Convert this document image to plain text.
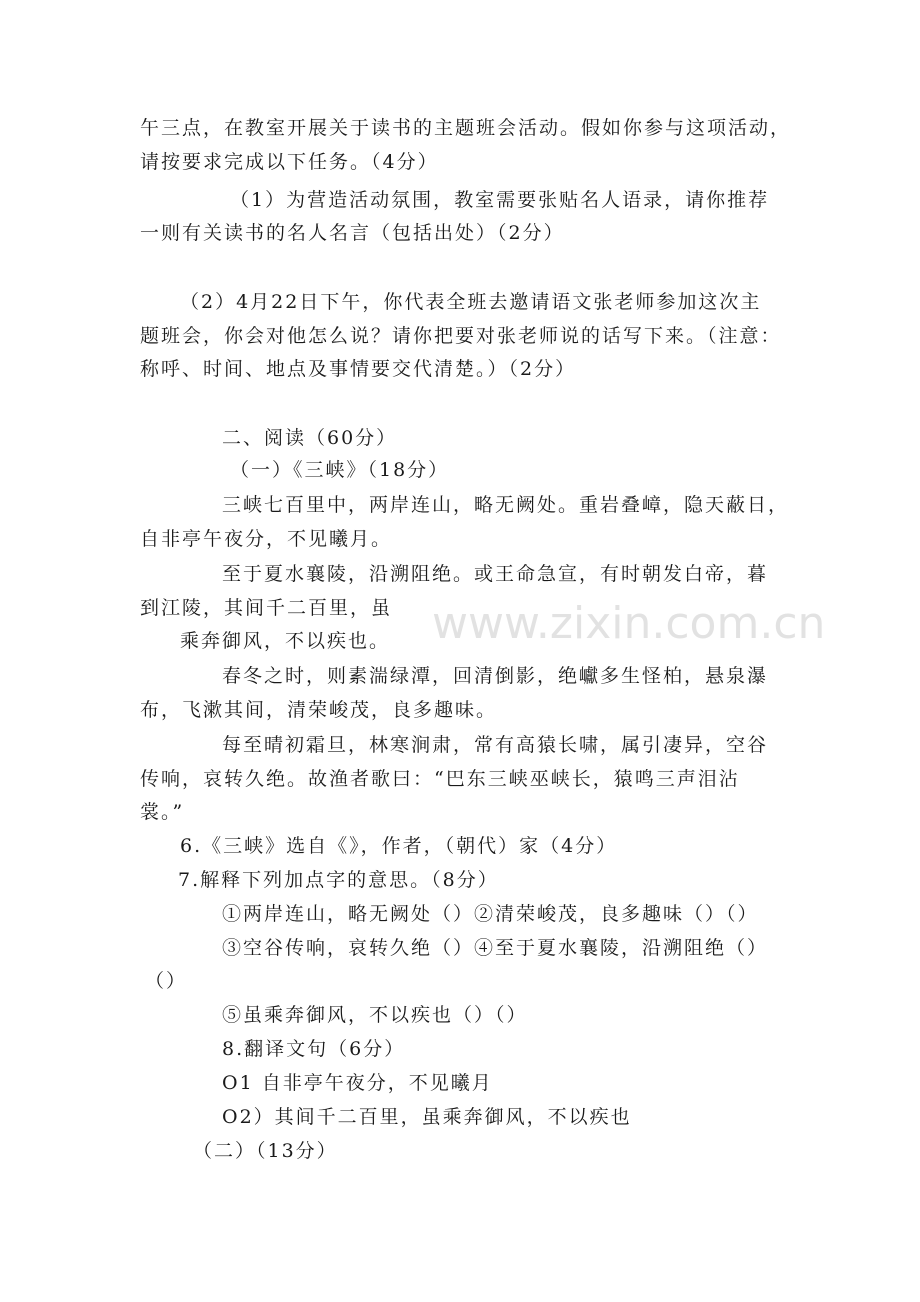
www.zixin.com.cn
午三点，在教室开展关于读书的主题班会活动。假如你参与这项活动，
请按要求完成以下任务。（4分）
（1）为营造活动氛围，教室需要张贴名人语录，请你推荐
一则有关读书的名人名言（包括出处）（2分）
（2）4月22日下午，你代表全班去邀请语文张老师参加这次主
题班会，你会对他怎么说？请你把要对张老师说的话写下来。（注意：
称呼、时间、地点及事情要交代清楚。）（2分）
二、阅读（60分）
（一）《三峡》（18分）
三峡七百里中，两岸连山，略无阙处。重岩叠嶂，隐天蔽日，
自非亭午夜分，不见曦月。
至于夏水襄陵，沿溯阻绝。或王命急宣，有时朝发白帝，暮
到江陵，其间千二百里，虽
乘奔御风，不以疾也。
春冬之时，则素湍绿潭，回清倒影，绝巘多生怪柏，悬泉瀑
布，飞漱其间，清荣峻茂，良多趣味。
每至晴初霜旦，林寒涧肃，常有高猿长啸，属引凄异，空谷
传响，哀转久绝。故渔者歌曰：“巴东三峡巫峡长，猿鸣三声泪沾
裳。”
6.《三峡》选自《》，作者，（朝代）家（4分）
7.解释下列加点字的意思。（8分）
①两岸连山，略无阙处（）②清荣峻茂，良多趣味（）（）
③空谷传响，哀转久绝（）④至于夏水襄陵，沿溯阻绝（）
（）
⑤虽乘奔御风，不以疾也（）（）
8.翻译文句（6分）
O1 自非亭午夜分，不见曦月
O2）其间千二百里，虽乘奔御风，不以疾也
（二）（13分）
